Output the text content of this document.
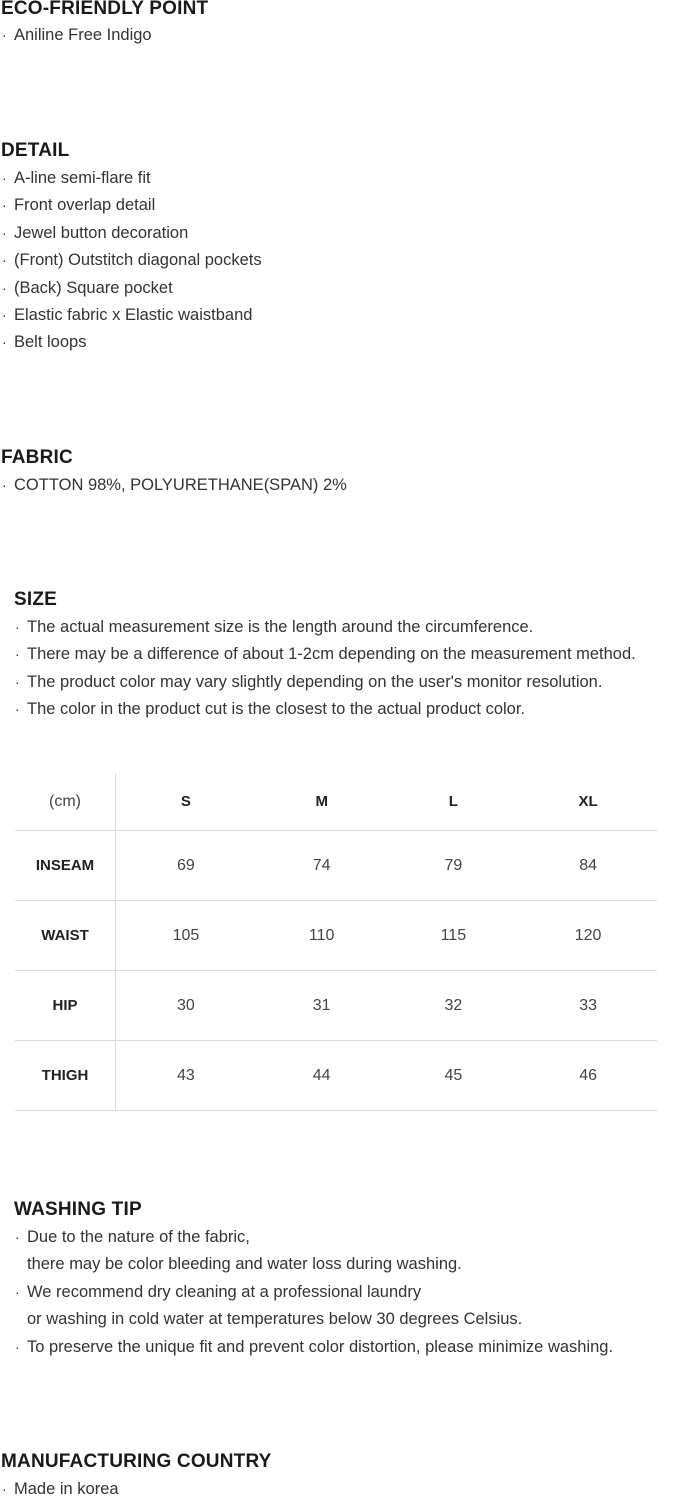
ECO-FRIENDLY POINT
· Aniline Free Indigo
DETAIL
· A-line semi-flare fit
· Front overlap detail
· Jewel button decoration
· (Front) Outstitch diagonal pockets
· (Back) Square pocket
· Elastic fabric x Elastic waistband
· Belt loops
FABRIC
· COTTON 98%, POLYURETHANE(SPAN) 2%
SIZE
· The actual measurement size is the length around the circumference.
· There may be a difference of about 1-2cm depending on the measurement method.
· The product color may vary slightly depending on the user's monitor resolution.
· The color in the product cut is the closest to the actual product color.
(cm)	S	M	L	XL
INSEAM	69	74	79	84
WAIST	105	110	115	120
HIP	30	31	32	33
THIGH	43	44	45	46
WASHING TIP
· Due to the nature of the fabric,
there may be color bleeding and water loss during washing.
· We recommend dry cleaning at a professional laundry
or washing in cold water at temperatures below 30 degrees Celsius.
· To preserve the unique fit and prevent color distortion, please minimize washing.
MANUFACTURING COUNTRY
· Made in korea
